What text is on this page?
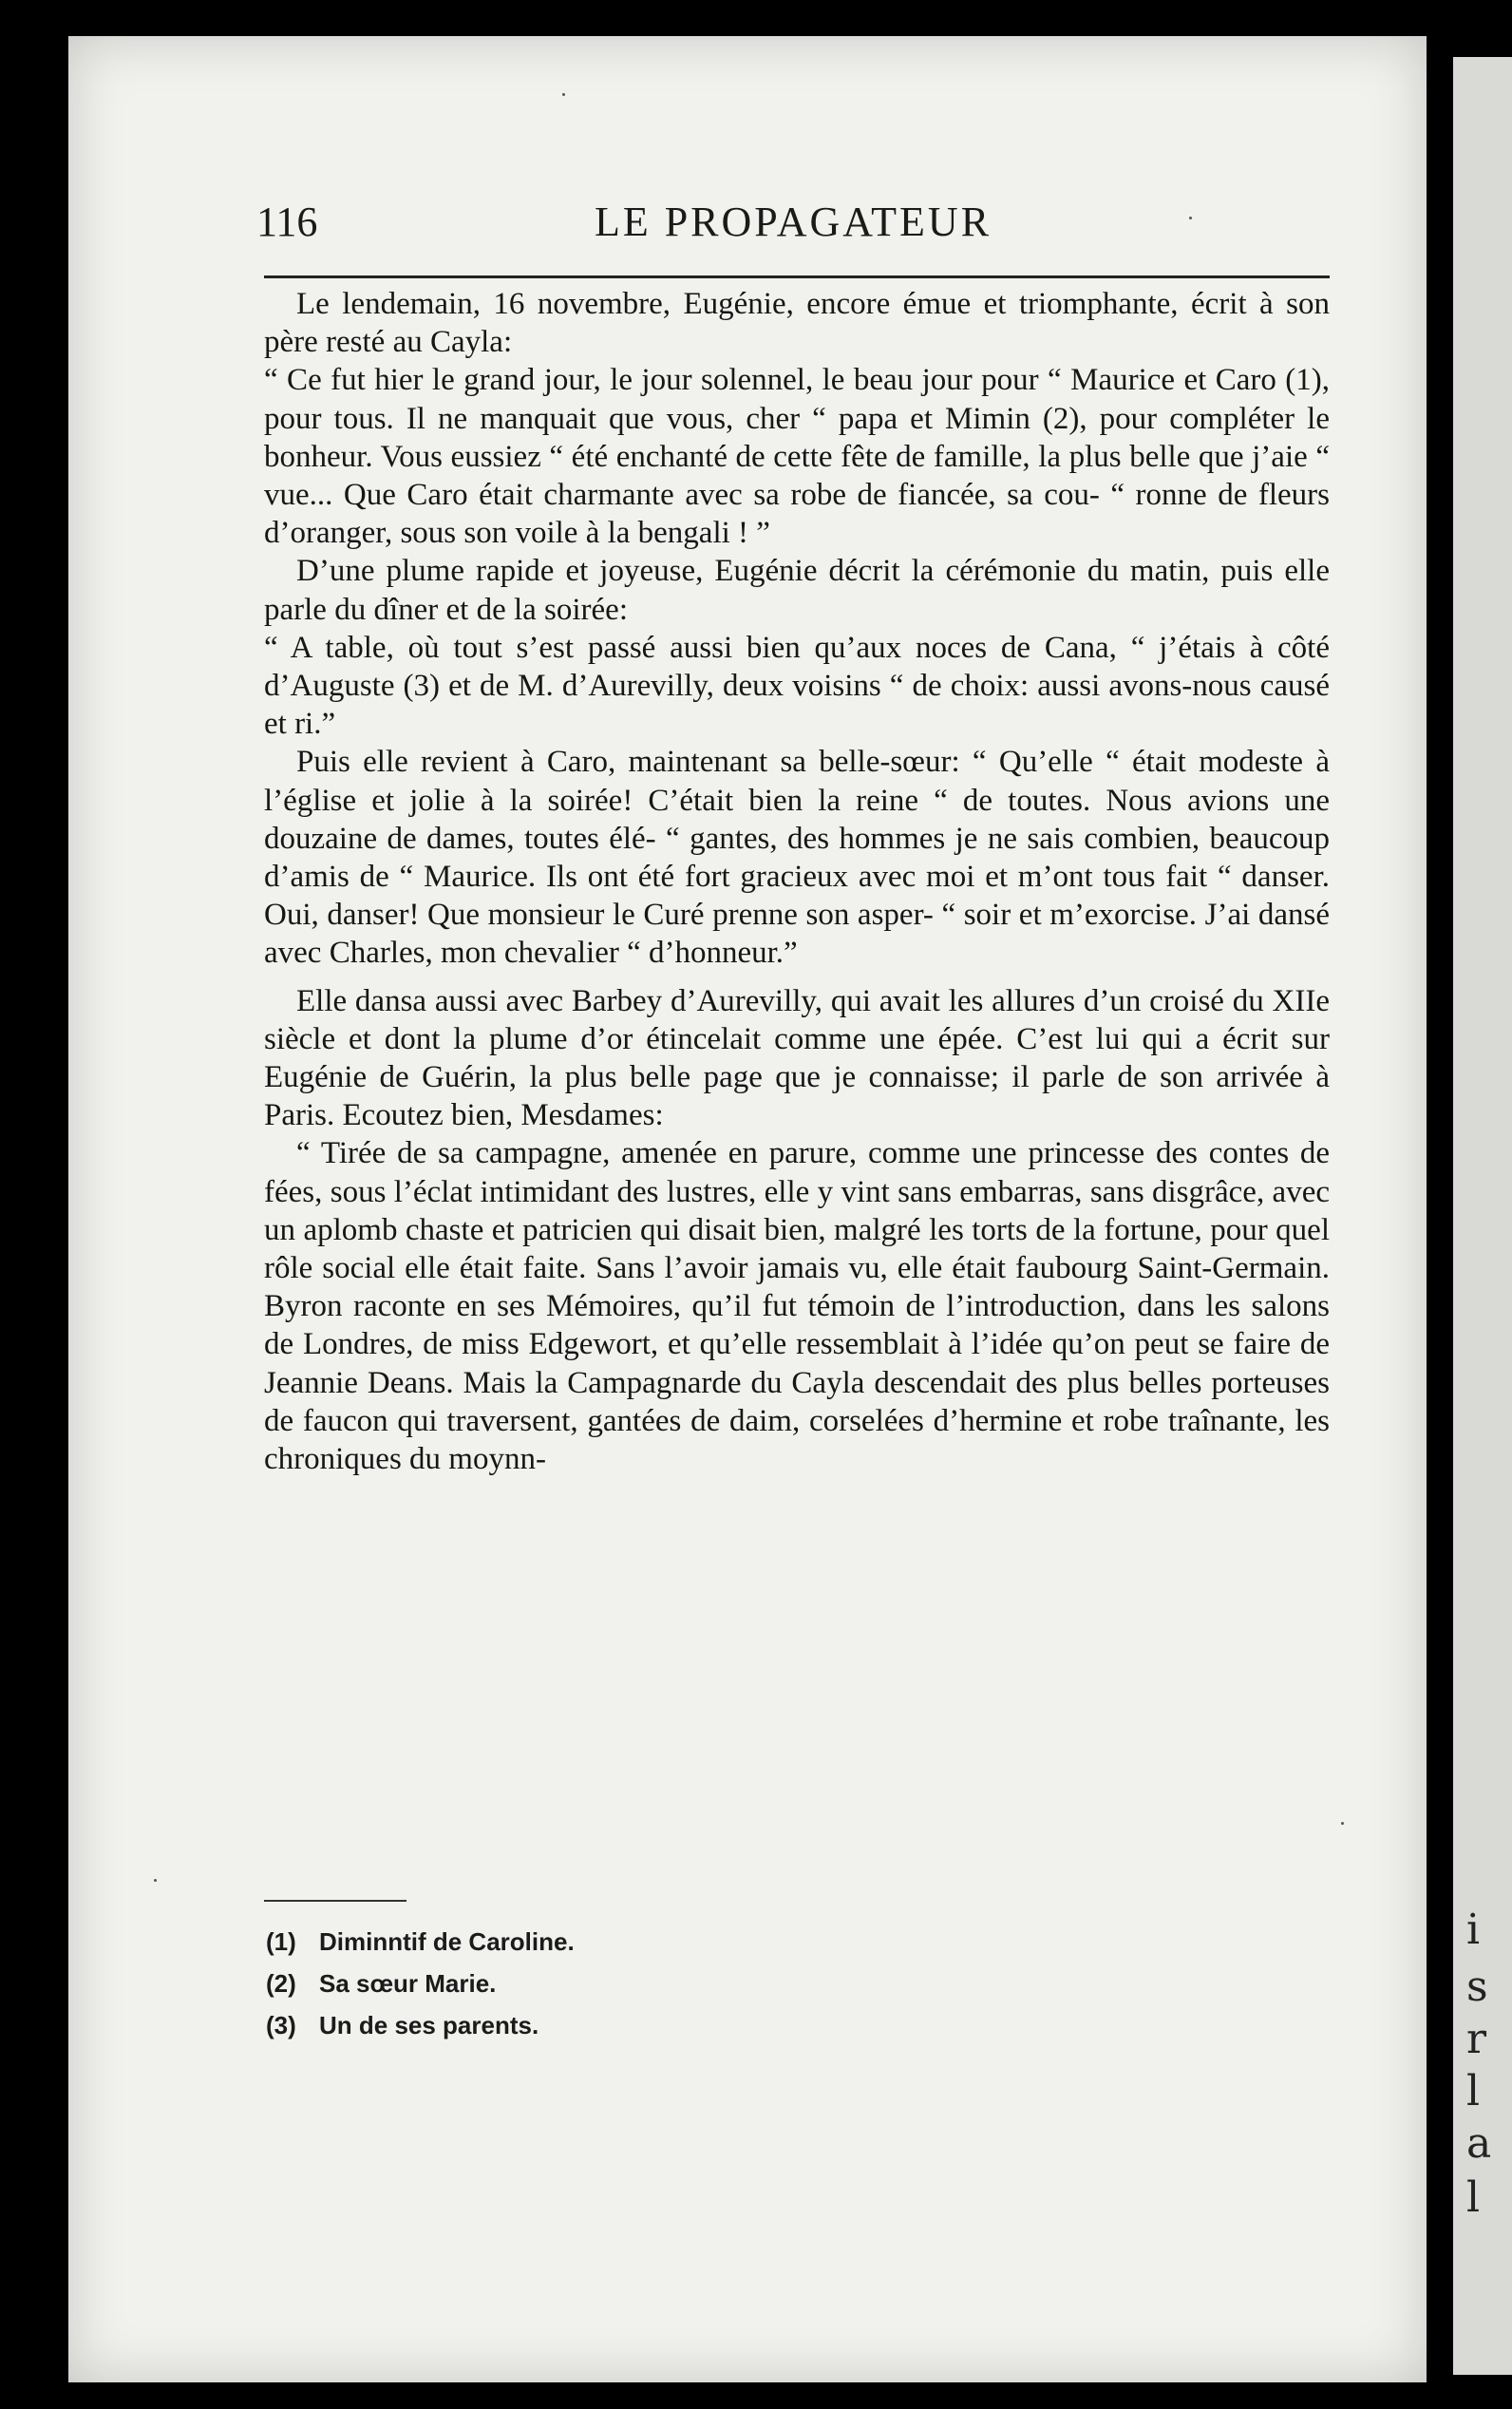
i
s
r
l
a
l
116	LE PROPAGATEUR

Le lendemain, 16 novembre, Eugénie, encore émue et triomphante, écrit à son père resté au Cayla:

“ Ce fut hier le grand jour, le jour solennel, le beau jour pour “ Maurice et Caro (1), pour tous. Il ne manquait que vous, cher “ papa et Mimin (2), pour compléter le bonheur. Vous eussiez “ été enchanté de cette fête de famille, la plus belle que j’aie “ vue... Que Caro était charmante avec sa robe de fiancée, sa cou- “ ronne de fleurs d’oranger, sous son voile à la bengali ! ”

D’une plume rapide et joyeuse, Eugénie décrit la cérémonie du matin, puis elle parle du dîner et de la soirée:

“ A table, où tout s’est passé aussi bien qu’aux noces de Cana, “ j’étais à côté d’Auguste (3) et de M. d’Aurevilly, deux voisins “ de choix: aussi avons-nous causé et ri.”

Puis elle revient à Caro, maintenant sa belle-sœur: “ Qu’elle “ était modeste à l’église et jolie à la soirée! C’était bien la reine “ de toutes. Nous avions une douzaine de dames, toutes élé- “ gantes, des hommes je ne sais combien, beaucoup d’amis de “ Maurice. Ils ont été fort gracieux avec moi et m’ont tous fait “ danser. Oui, danser! Que monsieur le Curé prenne son asper- “ soir et m’exorcise. J’ai dansé avec Charles, mon chevalier “ d’honneur.”

Elle dansa aussi avec Barbey d’Aurevilly, qui avait les allures d’un croisé du XIIe siècle et dont la plume d’or étincelait comme une épée. C’est lui qui a écrit sur Eugénie de Guérin, la plus belle page que je connaisse; il parle de son arrivée à Paris. Ecoutez bien, Mesdames:

“ Tirée de sa campagne, amenée en parure, comme une princesse des contes de fées, sous l’éclat intimidant des lustres, elle y vint sans embarras, sans disgrâce, avec un aplomb chaste et patricien qui disait bien, malgré les torts de la fortune, pour quel rôle social elle était faite. Sans l’avoir jamais vu, elle était faubourg Saint-Germain. Byron raconte en ses Mémoires, qu’il fut témoin de l’introduction, dans les salons de Londres, de miss Edgewort, et qu’elle ressemblait à l’idée qu’on peut se faire de Jeannie Deans. Mais la Campagnarde du Cayla descendait des plus belles porteuses de faucon qui traversent, gantées de daim, corselées d’hermine et robe traînante, les chroniques du moynn-

(1) Diminntif de Caroline.
(2) Sa sœur Marie.
(3) Un de ses parents.
